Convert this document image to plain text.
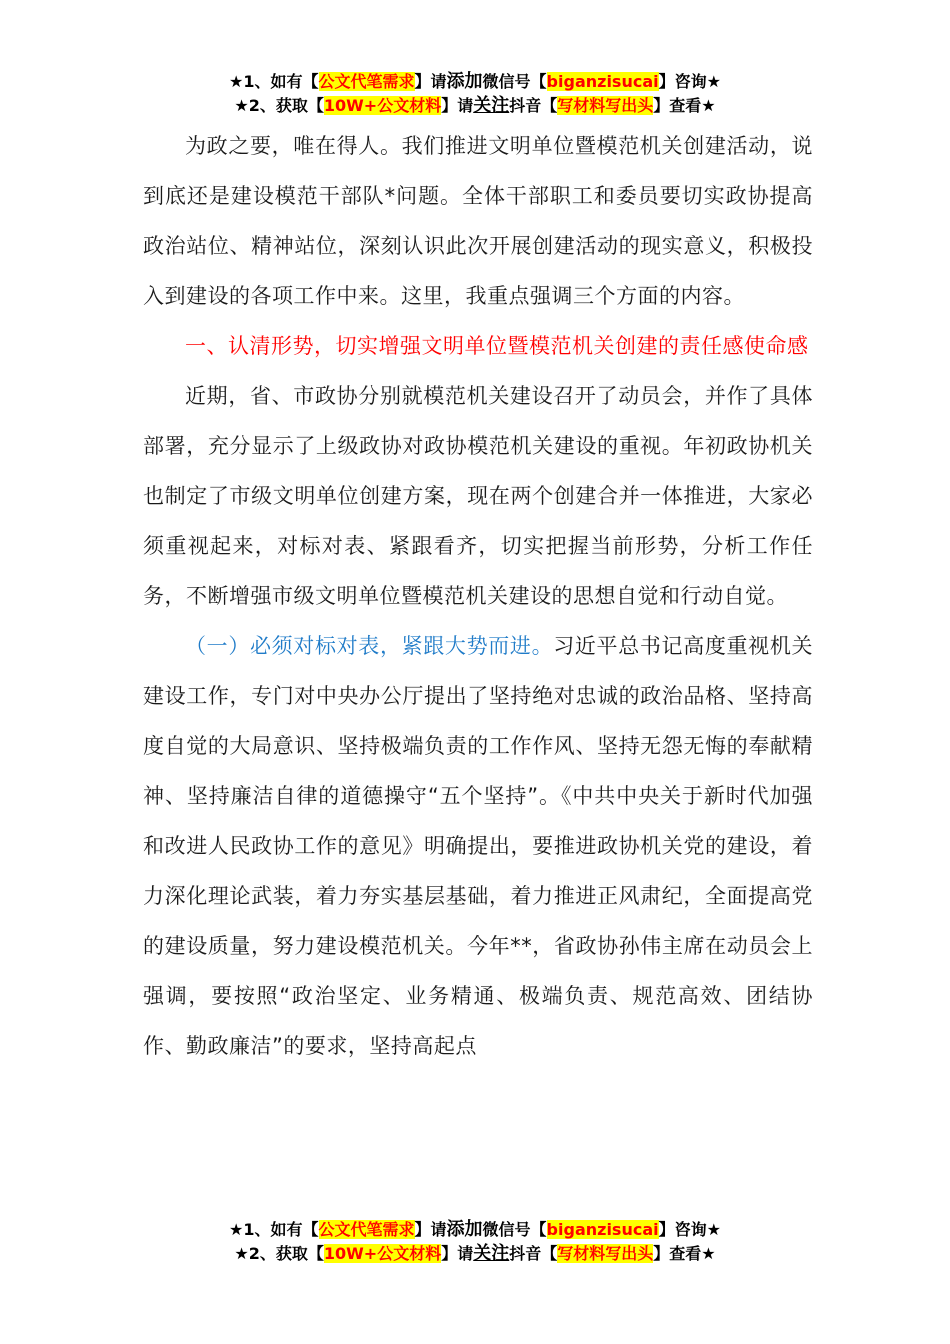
★1、如有【公文代笔需求】请添加微信号【biganzisucai】咨询★
★2、获取【10W+公文材料】请关注抖音【写材料写出头】查看★

为政之要，唯在得人。我们推进文明单位暨模范机关创建活动，说到底还是建设模范干部队*问题。全体干部职工和委员要切实政协提高政治站位、精神站位，深刻认识此次开展创建活动的现实意义，积极投入到建设的各项工作中来。这里，我重点强调三个方面的内容。

一、认清形势，切实增强文明单位暨模范机关创建的责任感使命感

近期，省、市政协分别就模范机关建设召开了动员会，并作了具体部署，充分显示了上级政协对政协模范机关建设的重视。年初政协机关也制定了市级文明单位创建方案，现在两个创建合并一体推进，大家必须重视起来，对标对表、紧跟看齐，切实把握当前形势，分析工作任务，不断增强市级文明单位暨模范机关建设的思想自觉和行动自觉。

（一）必须对标对表，紧跟大势而进。习近平总书记高度重视机关建设工作，专门对中央办公厅提出了坚持绝对忠诚的政治品格、坚持高度自觉的大局意识、坚持极端负责的工作作风、坚持无怨无悔的奉献精神、坚持廉洁自律的道德操守“五个坚持”。《中共中央关于新时代加强和改进人民政协工作的意见》明确提出，要推进政协机关党的建设，着力深化理论武装，着力夯实基层基础，着力推进正风肃纪，全面提高党的建设质量，努力建设模范机关。今年**，省政协孙伟主席在动员会上强调，要按照“政治坚定、业务精通、极端负责、规范高效、团结协作、勤政廉洁”的要求，坚持高起点

★1、如有【公文代笔需求】请添加微信号【biganzisucai】咨询★
★2、获取【10W+公文材料】请关注抖音【写材料写出头】查看★
